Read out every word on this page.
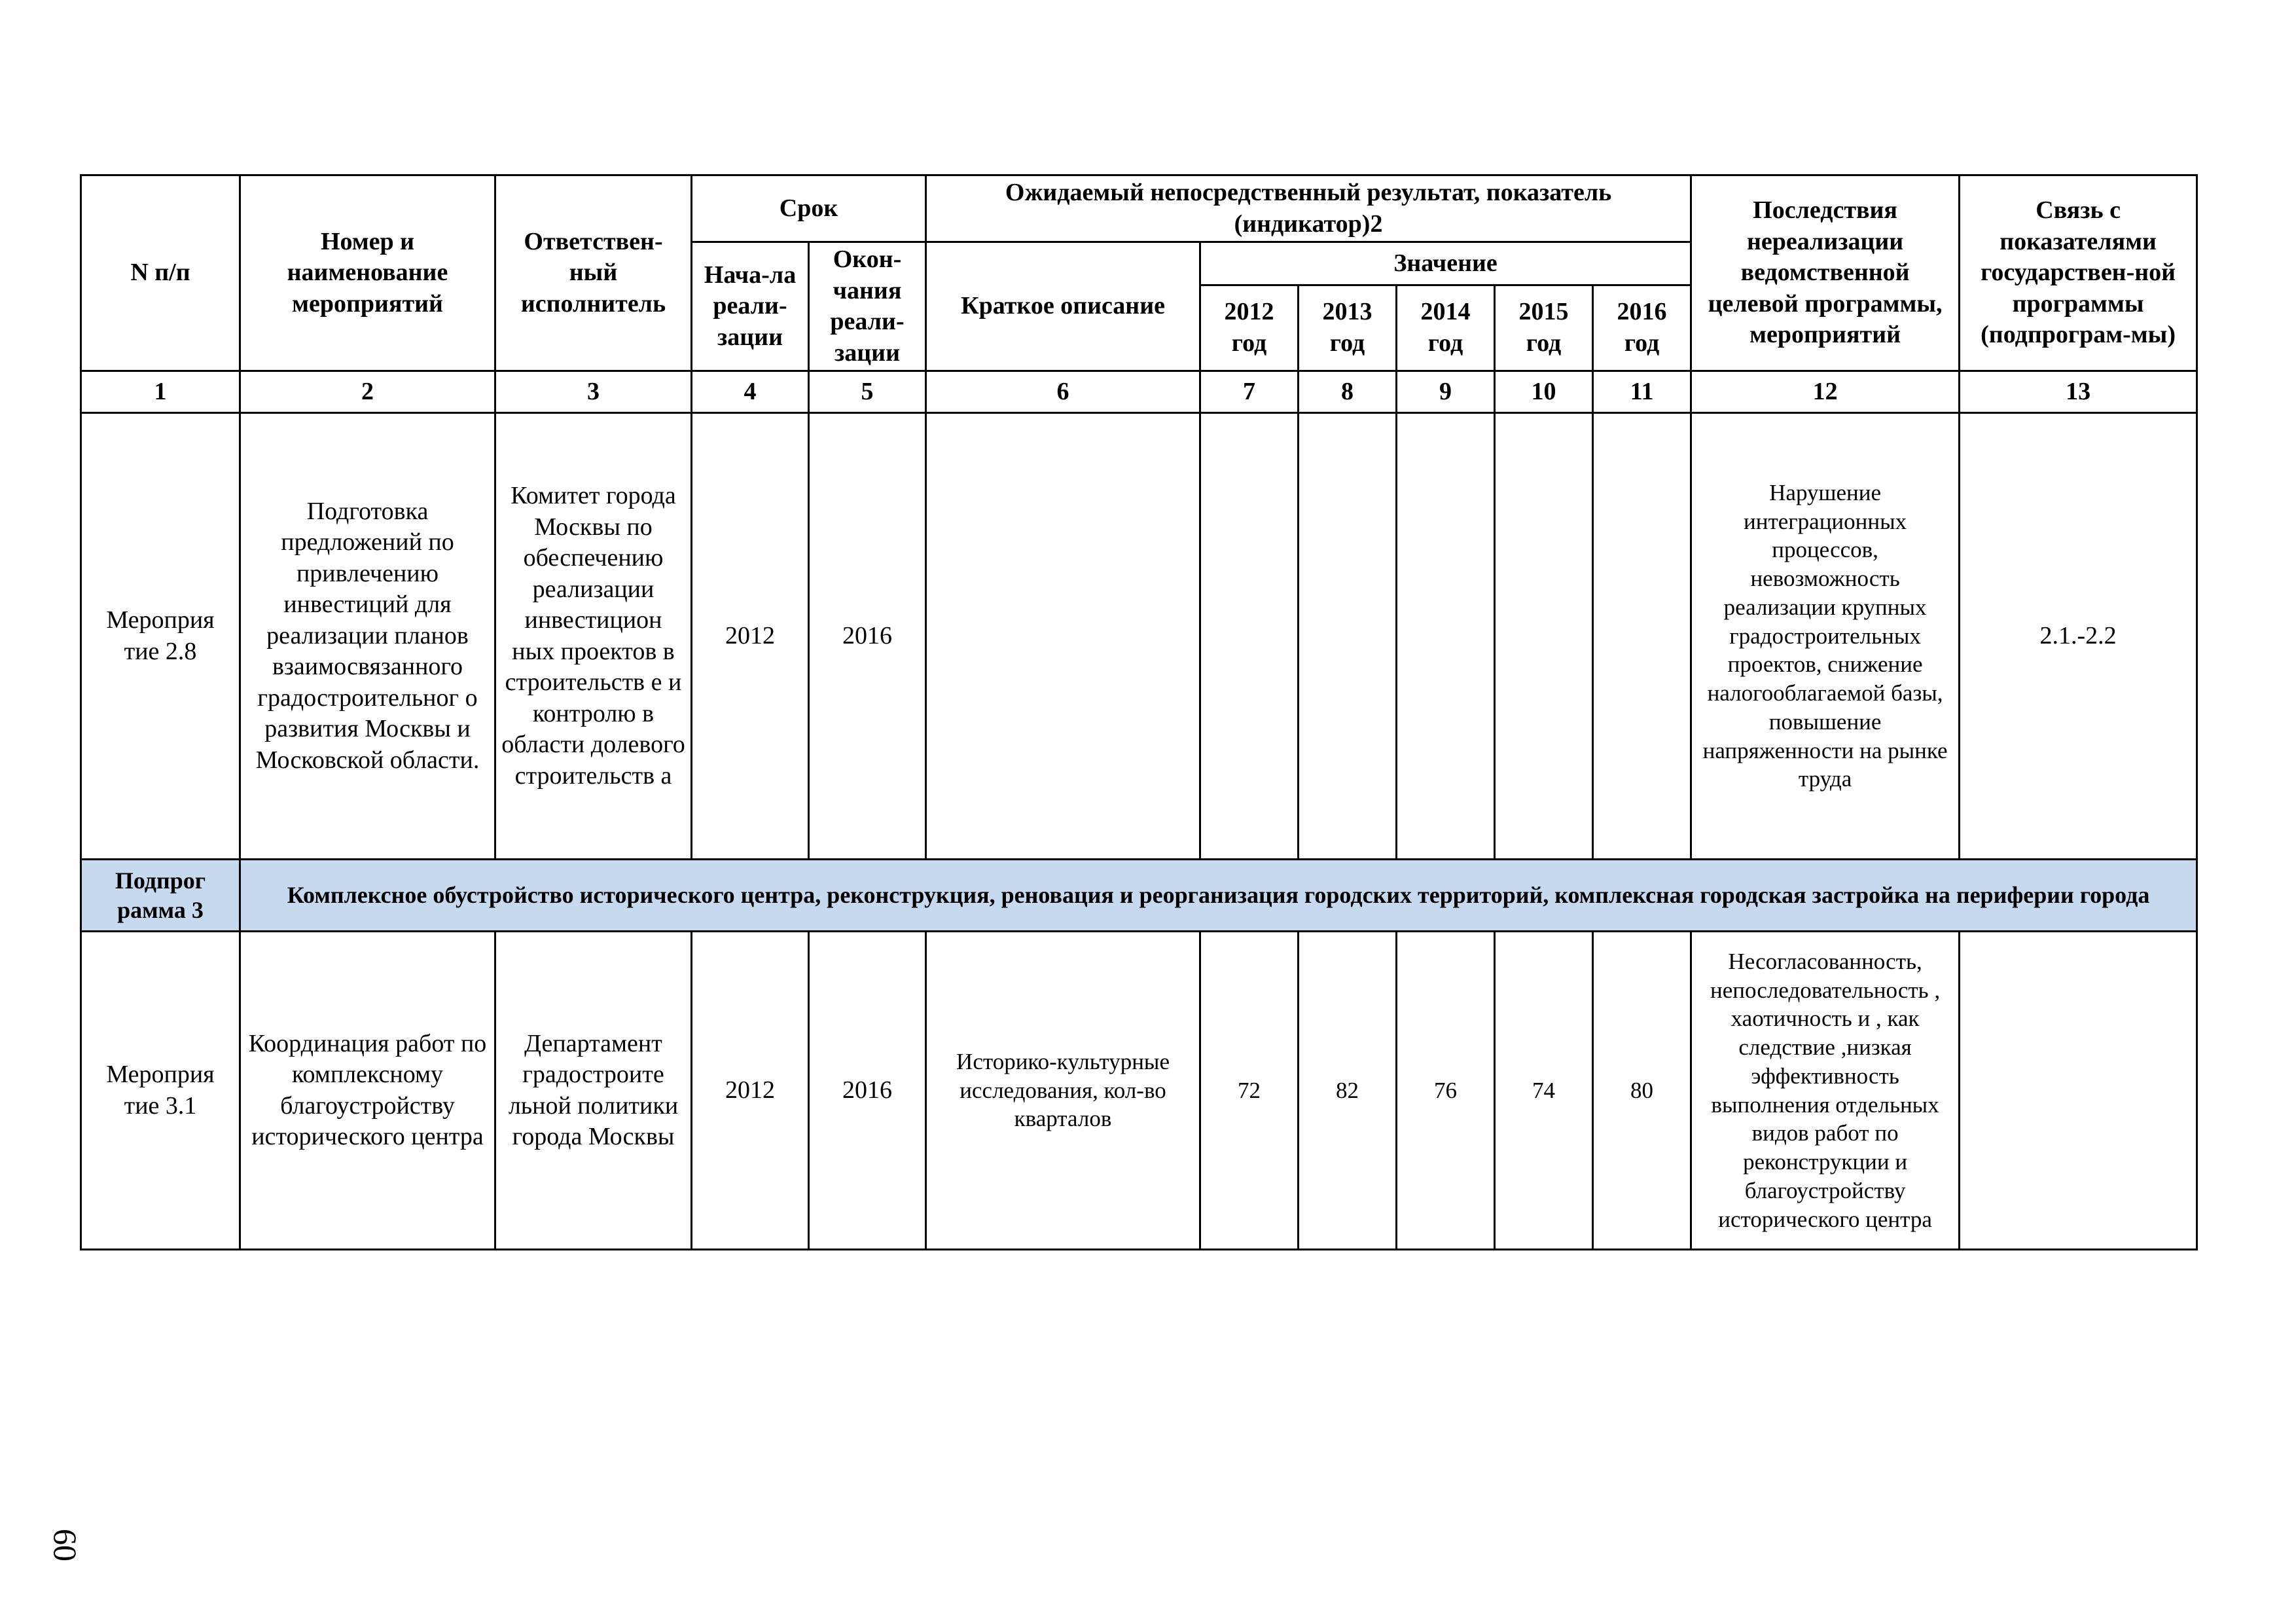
N п/п	Номер и наименование мероприятий	Ответствен-ный исполнитель	Срок		Ожидаемый непосредственный результат, показатель (индикатор)2						Последствия нереализации ведомственной целевой программы, мероприятий	Связь с показателями государствен-ной программы (подпрограм-мы)
			Нача-ла реали-зации	Окон-чания реали-зации	Краткое описание	Значение						
						2012 год	2013 год	2014 год	2015 год	2016 год		
1	2	3	4	5	6	7	8	9	10	11	12	13
Мероприя тие 2.8	Подготовка предложений по привлечению инвестиций для реализации планов взаимосвязанного градостроительног о развития Москвы и Московской области.	Комитет города Москвы по обеспечению реализации инвестицион ных проектов в строительств е и контролю в области долевого строительств а	2012	2016							Нарушение интеграционных процессов, невозможность реализации крупных градостроительных проектов, снижение налогооблагаемой базы, повышение напряженности на рынке труда	2.1.-2.2
Подпрог рамма 3	Комплексное обустройство исторического центра, реконструкция, реновация и реорганизация городских территорий, комплексная городская застройка на периферии города											
Мероприя тие 3.1	Координация работ по комплексному благоустройству исторического центра	Департамент градостроите льной политики города Москвы	2012	2016	Историко-культурные исследования, кол-во кварталов	72	82	76	74	80	Несогласованность, непоследовательность , хаотичность и , как следствие ,низкая эффективность выполнения отдельных видов работ по реконструкции и благоустройству исторического центра	
60
